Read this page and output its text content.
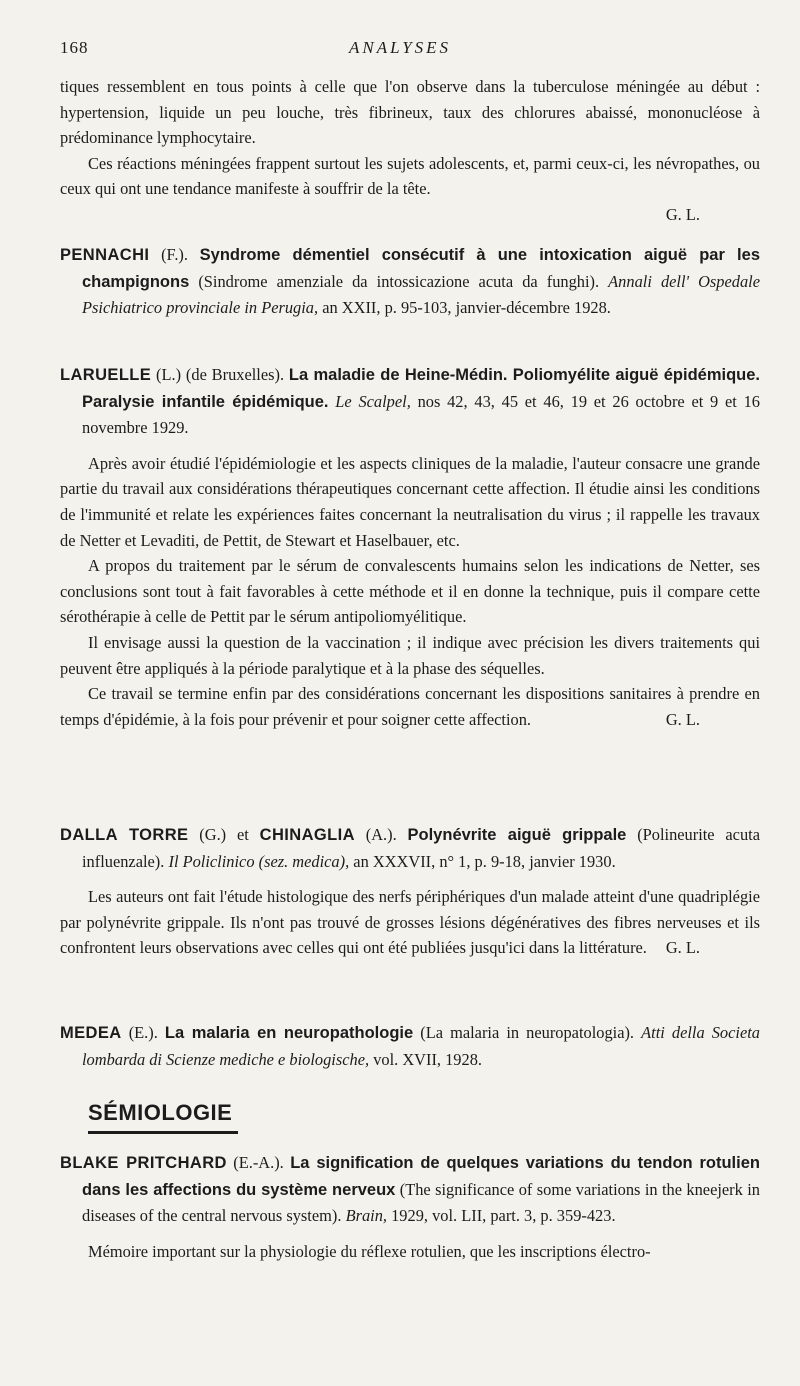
168	ANALYSES

tiques ressemblent en tous points à celle que l'on observe dans la tuberculose méningée au début : hypertension, liquide un peu louche, très fibrineux, taux des chlorures abaissé, mononucléose à prédominance lymphocytaire.

Ces réactions méningées frappent surtout les sujets adolescents, et, parmi ceux-ci, les névropathes, ou ceux qui ont une tendance manifeste à souffrir de la tête.

G. L.

PENNACHI (F.). Syndrome démentiel consécutif à une intoxication aiguë par les champignons (Sindrome amenziale da intossicazione acuta da funghi). Annali dell' Ospedale Psichiatrico provinciale in Perugia, an XXII, p. 95-103, janvier-décembre 1928.

LARUELLE (L.) (de Bruxelles). La maladie de Heine-Médin. Poliomyélite aiguë épidémique. Paralysie infantile épidémique. Le Scalpel, nos 42, 43, 45 et 46, 19 et 26 octobre et 9 et 16 novembre 1929.

Après avoir étudié l'épidémiologie et les aspects cliniques de la maladie, l'auteur consacre une grande partie du travail aux considérations thérapeutiques concernant cette affection. Il étudie ainsi les conditions de l'immunité et relate les expériences faites concernant la neutralisation du virus ; il rappelle les travaux de Netter et Levaditi, de Pettit, de Stewart et Haselbauer, etc.

A propos du traitement par le sérum de convalescents humains selon les indications de Netter, ses conclusions sont tout à fait favorables à cette méthode et il en donne la technique, puis il compare cette sérothérapie à celle de Pettit par le sérum antipoliomyélitique.

Il envisage aussi la question de la vaccination ; il indique avec précision les divers traitements qui peuvent être appliqués à la période paralytique et à la phase des séquelles.

Ce travail se termine enfin par des considérations concernant les dispositions sanitaires à prendre en temps d'épidémie, à la fois pour prévenir et pour soigner cette affection.	G. L.

DALLA TORRE (G.) et CHINAGLIA (A.). Polynévrite aiguë grippale (Polineurite acuta influenzale). Il Policlinico (sez. medica), an XXXVII, n° 1, p. 9-18, janvier 1930.

Les auteurs ont fait l'étude histologique des nerfs périphériques d'un malade atteint d'une quadriplégie par polynévrite grippale. Ils n'ont pas trouvé de grosses lésions dégénératives des fibres nerveuses et ils confrontent leurs observations avec celles qui ont été publiées jusqu'ici dans la littérature.	G. L.

MEDEA (E.). La malaria en neuropathologie (La malaria in neuropatologia). Atti della Societa lombarda di Scienze mediche e biologische, vol. XVII, 1928.

SÉMIOLOGIE

BLAKE PRITCHARD (E.-A.). La signification de quelques variations du tendon rotulien dans les affections du système nerveux (The significance of some variations in the kneejerk in diseases of the central nervous system). Brain, 1929, vol. LII, part. 3, p. 359-423.

Mémoire important sur la physiologie du réflexe rotulien, que les inscriptions électro-
